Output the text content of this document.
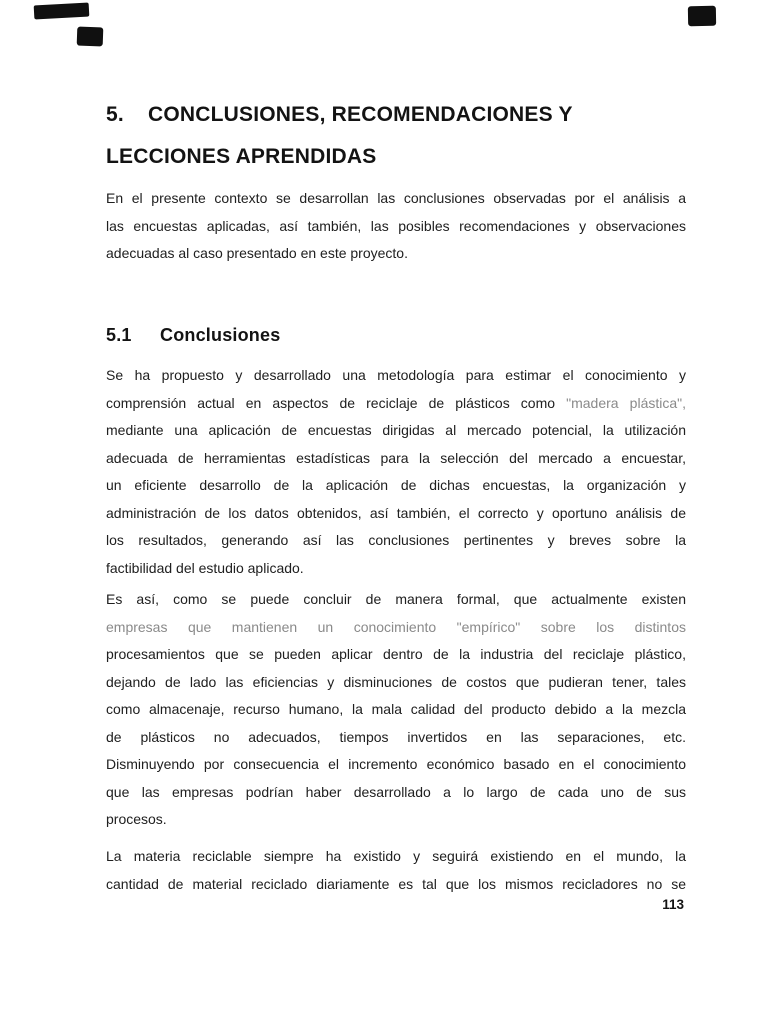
5. CONCLUSIONES, RECOMENDACIONES Y
LECCIONES APRENDIDAS
En el presente contexto se desarrollan las conclusiones observadas por el análisis a
las encuestas aplicadas, así también, las posibles recomendaciones y observaciones
adecuadas al caso presentado en este proyecto.
5.1 Conclusiones
Se ha propuesto y desarrollado una metodología para estimar el conocimiento y
comprensión actual en aspectos de reciclaje de plásticos como "madera plástica",
mediante una aplicación de encuestas dirigidas al mercado potencial, la utilización
adecuada de herramientas estadísticas para la selección del mercado a encuestar,
un eficiente desarrollo de la aplicación de dichas encuestas, la organización y
administración de los datos obtenidos, así también, el correcto y oportuno análisis de
los resultados, generando así las conclusiones pertinentes y breves sobre la
factibilidad del estudio aplicado.
Es así, como se puede concluir de manera formal, que actualmente existen
empresas que mantienen un conocimiento "empírico" sobre los distintos
procesamientos que se pueden aplicar dentro de la industria del reciclaje plástico,
dejando de lado las eficiencias y disminuciones de costos que pudieran tener, tales
como almacenaje, recurso humano, la mala calidad del producto debido a la mezcla
de plásticos no adecuados, tiempos invertidos en las separaciones, etc.
Disminuyendo por consecuencia el incremento económico basado en el conocimiento
que las empresas podrían haber desarrollado a lo largo de cada uno de sus
procesos.
La materia reciclable siempre ha existido y seguirá existiendo en el mundo, la
cantidad de material reciclado diariamente es tal que los mismos recicladores no se
113
